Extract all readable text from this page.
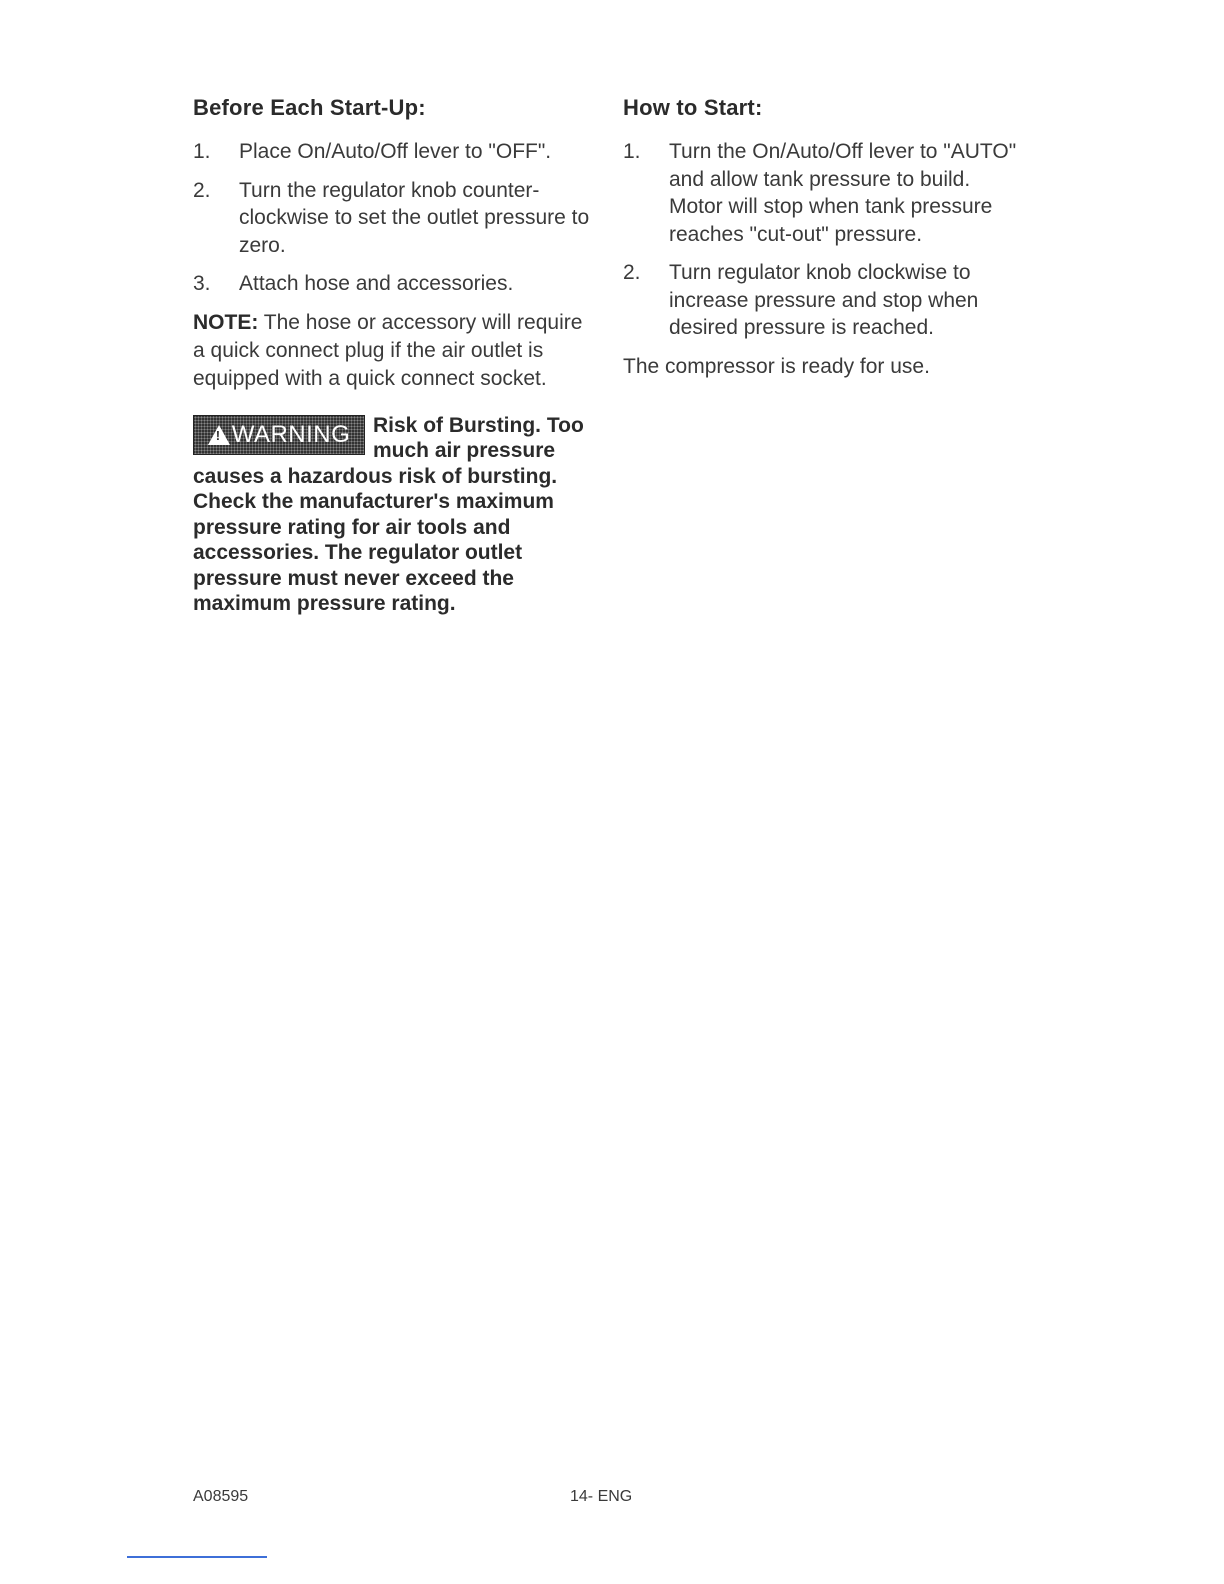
Before Each Start-Up:
1.	Place On/Auto/Off lever to "OFF".
2.	Turn the regulator knob counter-clockwise to set the outlet pressure to zero.
3.	Attach hose and accessories.

NOTE: The hose or accessory will require a quick connect plug if the air outlet is equipped with a quick connect socket.

!
WARNING Risk of Bursting. Too much air pressure causes a hazardous risk of bursting. Check the manufacturer's maximum pressure rating for air tools and accessories. The regulator outlet pressure must never exceed the maximum pressure rating.
How to Start:
1.	Turn the On/Auto/Off lever to "AUTO" and allow tank pressure to build. Motor will stop when tank pressure reaches "cut-out" pressure.
2.	Turn regulator knob clockwise to increase pressure and stop when desired pressure is reached.

The compressor is ready for use.

A08595	14- ENG
